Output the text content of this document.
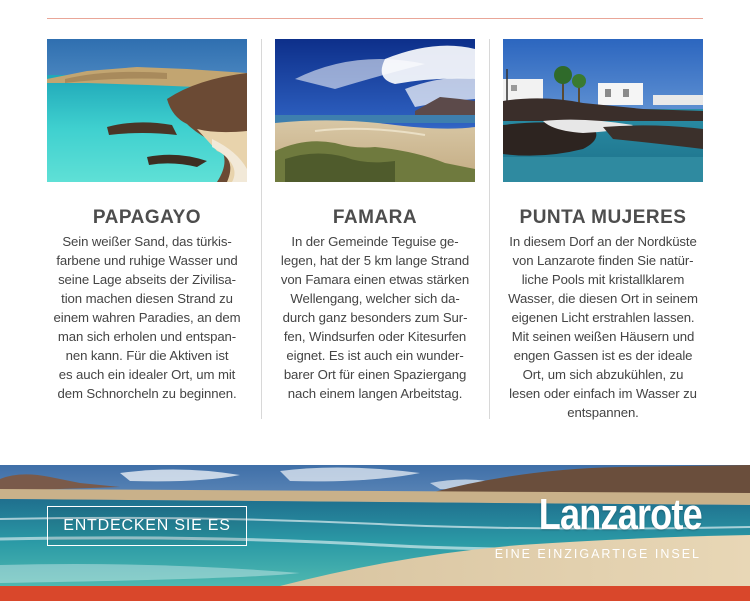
PAPAGAYO
Sein weißer Sand, das türkis-
farbene und ruhige Wasser und
seine Lage abseits der Zivilisa-
tion machen diesen Strand zu
einem wahren Paradies, an dem
man sich erholen und entspan-
nen kann. Für die Aktiven ist
es auch ein idealer Ort, um mit
dem Schnorcheln zu beginnen.
FAMARA
In der Gemeinde Teguise ge-
legen, hat der 5 km lange Strand
von Famara einen etwas stärken
Wellengang, welcher sich da-
durch ganz besonders zum Sur-
fen, Windsurfen oder Kitesurfen
eignet. Es ist auch ein wunder-
barer Ort für einen Spaziergang
nach einem langen Arbeitstag.
PUNTA MUJERES
In diesem Dorf an der Nordküste
von Lanzarote finden Sie natür-
liche Pools mit kristallklarem
Wasser, die diesen Ort in seinem
eigenen Licht erstrahlen lassen.
Mit seinen weißen Häusern und
engen Gassen ist es der ideale
Ort, um sich abzukühlen, zu
lesen oder einfach im Wasser zu
entspannen.
ENTDECKEN SIE ES	Lanzarote
EINE EINZIGARTIGE INSEL
